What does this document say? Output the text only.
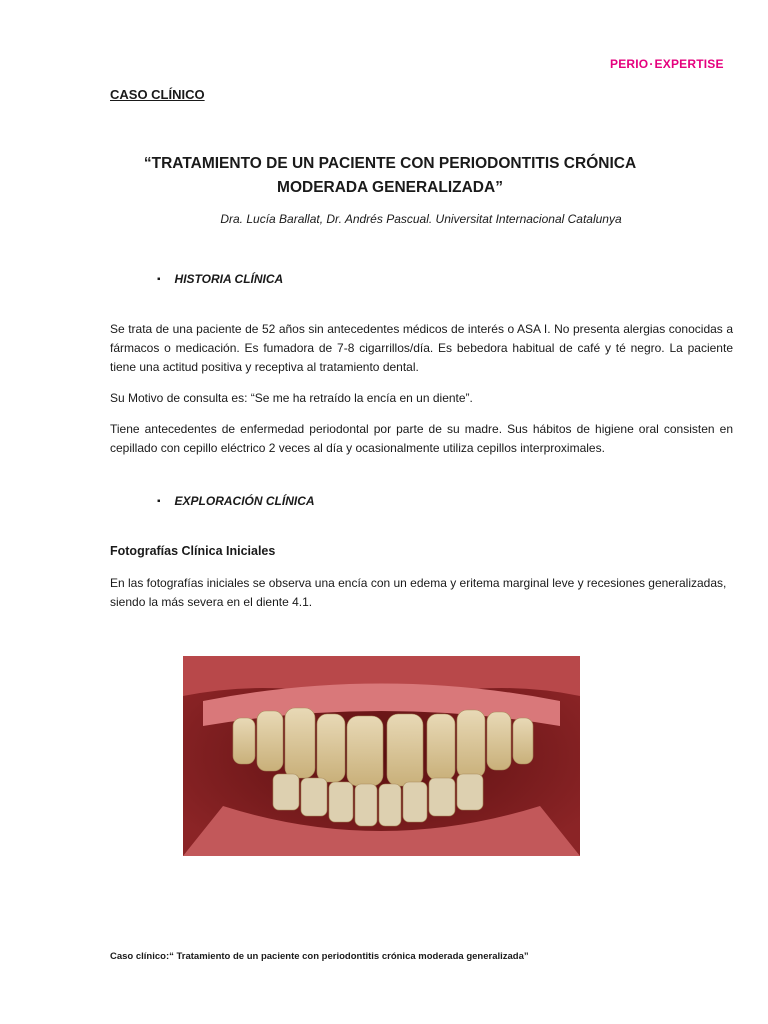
PERIO·EXPERTISE
CASO CLÍNICO
“TRATAMIENTO DE UN PACIENTE CON PERIODONTITIS CRÓNICA
MODERADA GENERALIZADA”
Dra. Lucía Barallat, Dr. Andrés Pascual. Universitat Internacional Catalunya
▪ HISTORIA CLÍNICA
Se trata de una paciente de 52 años sin antecedentes médicos de interés o ASA I. No presenta alergias conocidas a fármacos o medicación. Es fumadora de 7-8 cigarrillos/día. Es bebedora habitual de café y té negro. La paciente tiene una actitud positiva y receptiva al tratamiento dental.
Su Motivo de consulta es: “Se me ha retraído la encía en un diente”.
Tiene antecedentes de enfermedad periodontal por parte de su madre. Sus hábitos de higiene oral consisten en cepillado con cepillo eléctrico 2 veces al día y ocasionalmente utiliza cepillos interproximales.
▪ EXPLORACIÓN CLÍNICA
Fotografías Clínica Iniciales
En las fotografías iniciales se observa una encía con un edema y eritema marginal leve y recesiones generalizadas, siendo la más severa en el diente 4.1.
Caso clínico:“ Tratamiento de un paciente con periodontitis crónica moderada generalizada”
